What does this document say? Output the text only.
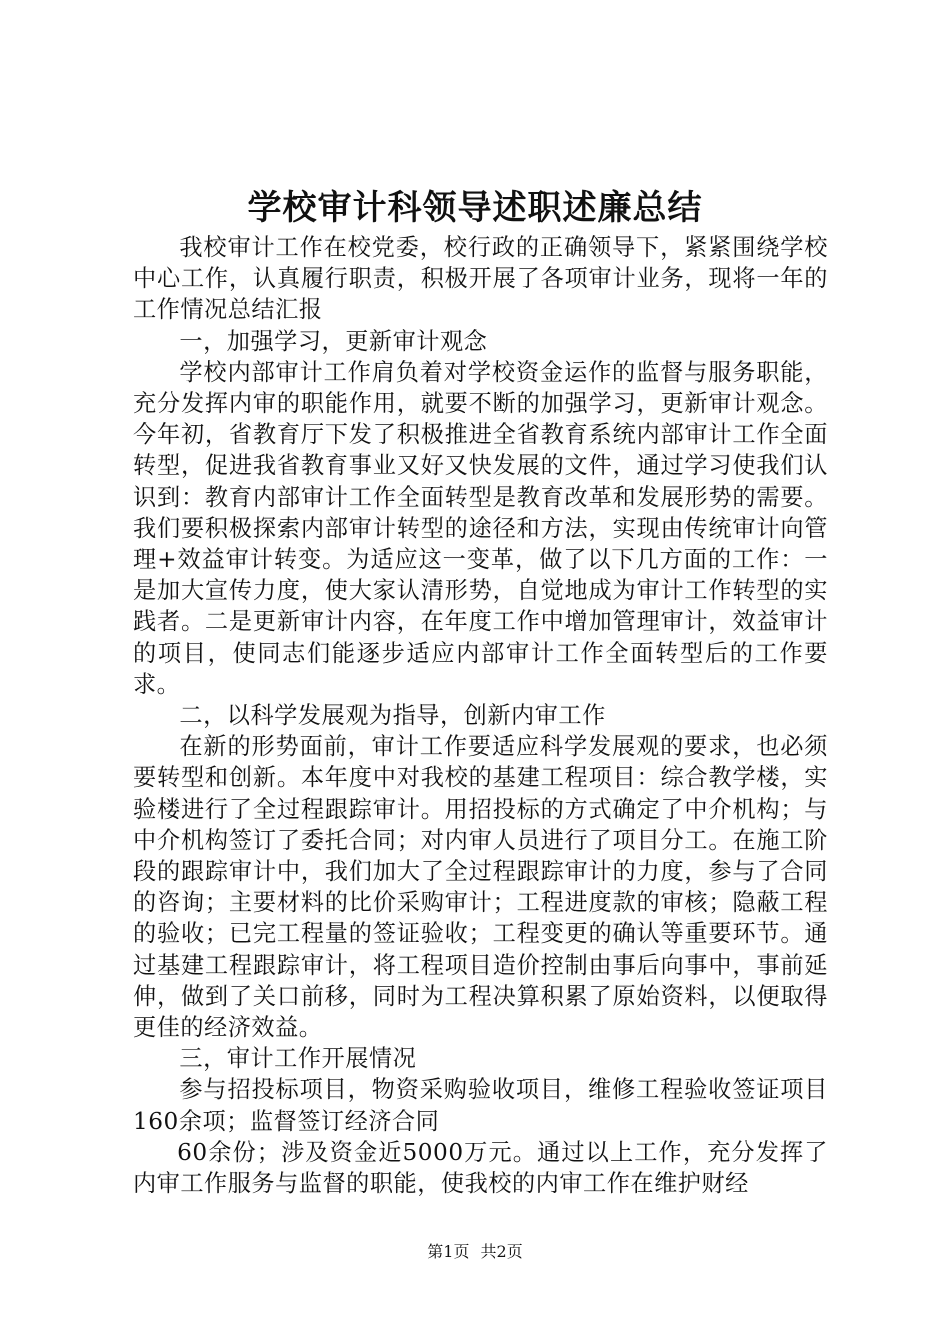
学校审计科领导述职述廉总结

我校审计工作在校党委，校行政的正确领导下，紧紧围绕学校中心工作，认真履行职责，积极开展了各项审计业务，现将一年的工作情况总结汇报

一，加强学习，更新审计观念

学校内部审计工作肩负着对学校资金运作的监督与服务职能，充分发挥内审的职能作用，就要不断的加强学习，更新审计观念。今年初，省教育厅下发了积极推进全省教育系统内部审计工作全面转型，促进我省教育事业又好又快发展的文件，通过学习使我们认识到：教育内部审计工作全面转型是教育改革和发展形势的需要。我们要积极探索内部审计转型的途径和方法，实现由传统审计向管理+效益审计转变。为适应这一变革，做了以下几方面的工作：一是加大宣传力度，使大家认清形势，自觉地成为审计工作转型的实践者。二是更新审计内容，在年度工作中增加管理审计，效益审计的项目，使同志们能逐步适应内部审计工作全面转型后的工作要求。

二，以科学发展观为指导，创新内审工作

在新的形势面前，审计工作要适应科学发展观的要求，也必须要转型和创新。本年度中对我校的基建工程项目：综合教学楼，实验楼进行了全过程跟踪审计。用招投标的方式确定了中介机构；与中介机构签订了委托合同；对内审人员进行了项目分工。在施工阶段的跟踪审计中，我们加大了全过程跟踪审计的力度，参与了合同的咨询；主要材料的比价采购审计；工程进度款的审核；隐蔽工程的验收；已完工程量的签证验收；工程变更的确认等重要环节。通过基建工程跟踪审计，将工程项目造价控制由事后向事中，事前延伸，做到了关口前移，同时为工程决算积累了原始资料，以便取得更佳的经济效益。

三，审计工作开展情况

参与招投标项目，物资采购验收项目，维修工程验收签证项目160余项；监督签订经济合同

60余份；涉及资金近5000万元。通过以上工作，充分发挥了内审工作服务与监督的职能，使我校的内审工作在维护财经

第1页 共2页
